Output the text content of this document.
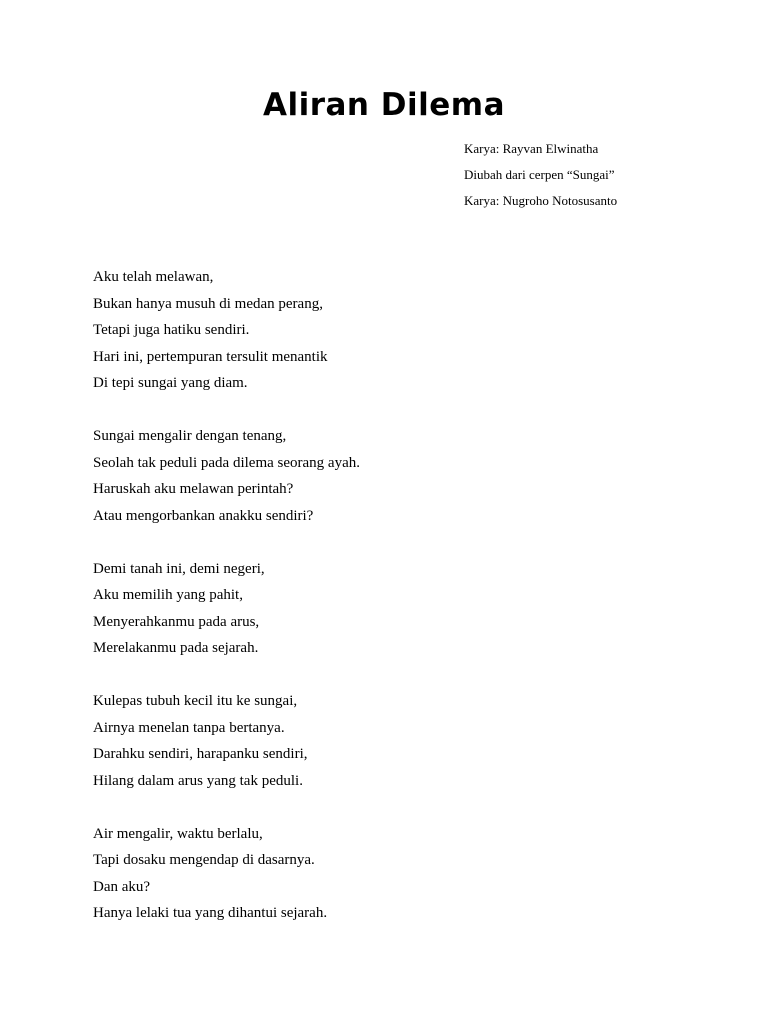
Aliran Dilema
Karya: Rayvan Elwinatha
Diubah dari cerpen “Sungai”
Karya: Nugroho Notosusanto
Aku telah melawan,
Bukan hanya musuh di medan perang,
Tetapi juga hatiku sendiri.
Hari ini, pertempuran tersulit menantik
Di tepi sungai yang diam.
Sungai mengalir dengan tenang,
Seolah tak peduli pada dilema seorang ayah.
Haruskah aku melawan perintah?
Atau mengorbankan anakku sendiri?
Demi tanah ini, demi negeri,
Aku memilih yang pahit,
Menyerahkanmu pada arus,
Merelakanmu pada sejarah.
Kulepas tubuh kecil itu ke sungai,
Airnya menelan tanpa bertanya.
Darahku sendiri, harapanku sendiri,
Hilang dalam arus yang tak peduli.
Air mengalir, waktu berlalu,
Tapi dosaku mengendap di dasarnya.
Dan aku?
Hanya lelaki tua yang dihantui sejarah.
